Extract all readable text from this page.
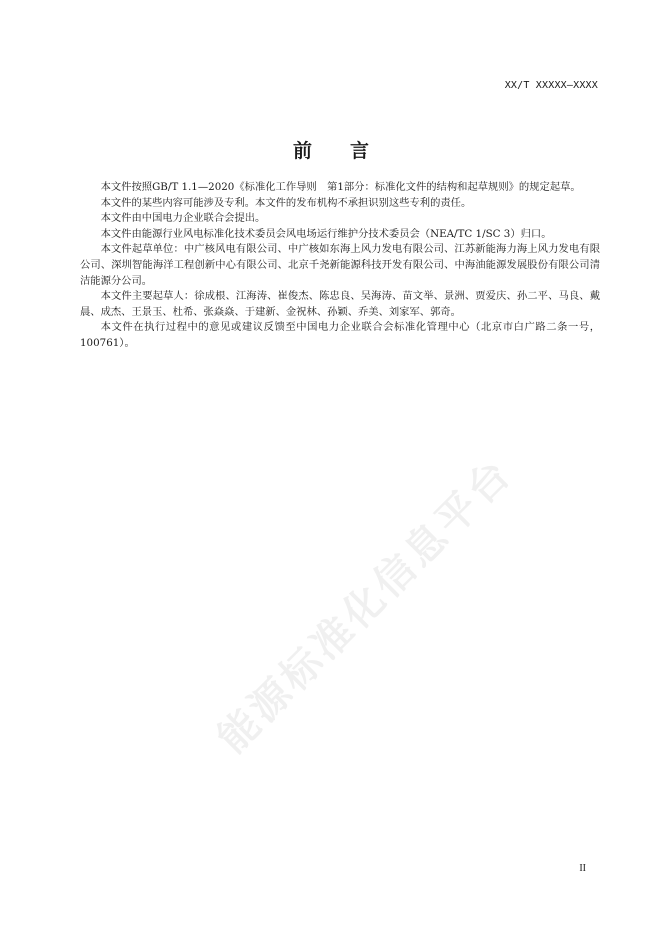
XX/T XXXXX—XXXX
前 言

本文件按照GB/T 1.1—2020《标准化工作导则　第1部分：标准化文件的结构和起草规则》的规定起草。

本文件的某些内容可能涉及专利。本文件的发布机构不承担识别这些专利的责任。

本文件由中国电力企业联合会提出。

本文件由能源行业风电标准化技术委员会风电场运行维护分技术委员会（NEA/TC 1/SC 3）归口。

本文件起草单位：中广核风电有限公司、中广核如东海上风力发电有限公司、江苏新能海力海上风力发电有限公司、深圳智能海洋工程创新中心有限公司、北京千尧新能源科技开发有限公司、中海油能源发展股份有限公司清洁能源分公司。

本文件主要起草人：徐成根、江海涛、崔俊杰、陈忠良、吴海涛、苗文举、景洲、贾爱庆、孙二平、马良、戴晨、成杰、王景玉、杜希、张焱焱、于建新、金祝林、孙颖、乔美、刘家军、郭奇。

本文件在执行过程中的意见或建议反馈至中国电力企业联合会标准化管理中心（北京市白广路二条一号，100761）。

能源标准化信息平台
II
